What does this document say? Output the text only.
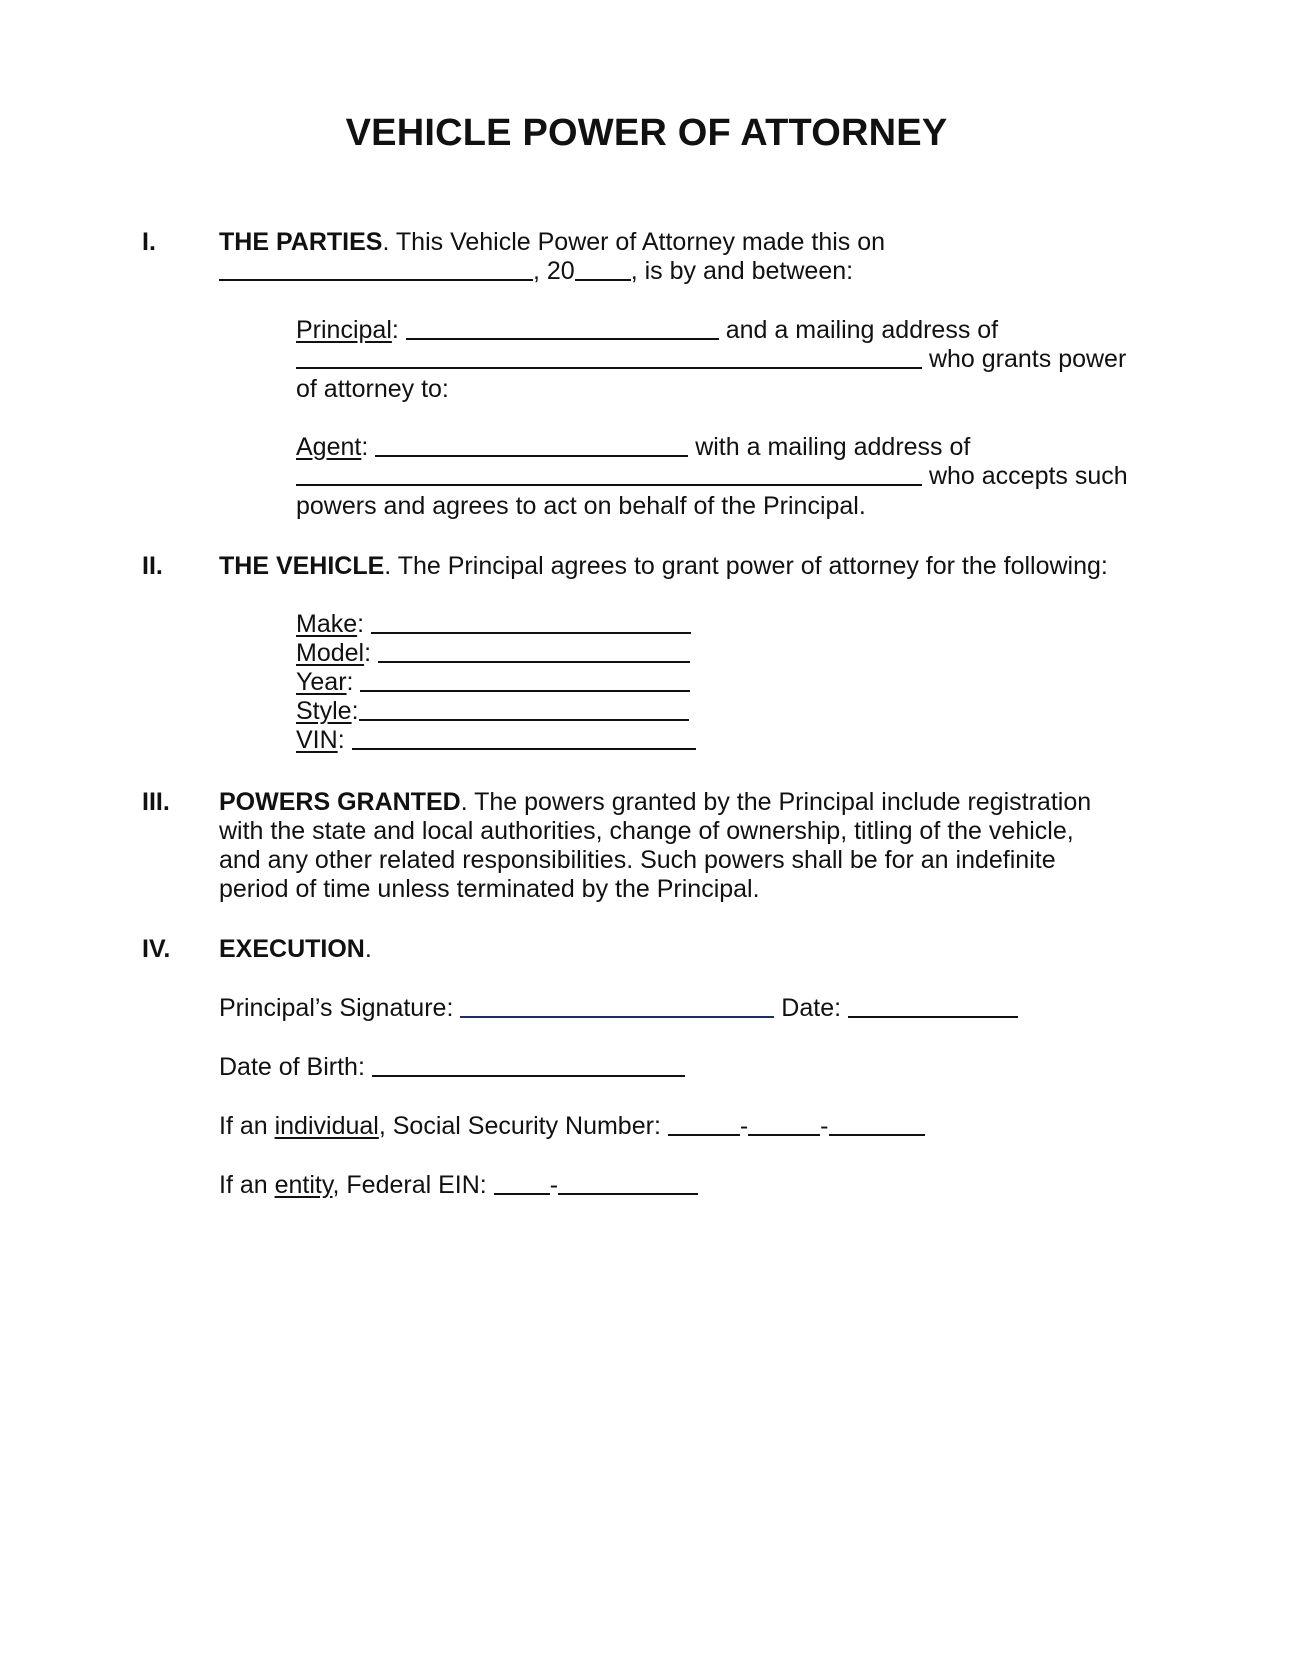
VEHICLE POWER OF ATTORNEY
I.	THE PARTIES. This Vehicle Power of Attorney made this on
, 20 , is by and between:
Principal:	and a mailing address of
who grants power
of attorney to:
Agent:	with a mailing address of
who accepts such
powers and agrees to act on behalf of the Principal.
II. THE VEHICLE. The Principal agrees to grant power of attorney for the following:
Make:
Model:
Year:
Style:
VIN:
III. POWERS GRANTED. The powers granted by the Principal include registration
with the state and local authorities, change of ownership, titling of the vehicle,
and any other related responsibilities. Such powers shall be for an indefinite
period of time unless terminated by the Principal.
IV. EXECUTION.
Principal’s Signature:	Date:
Date of Birth:
If an individual, Social Security Number:	-	-
If an entity, Federal EIN:	-
